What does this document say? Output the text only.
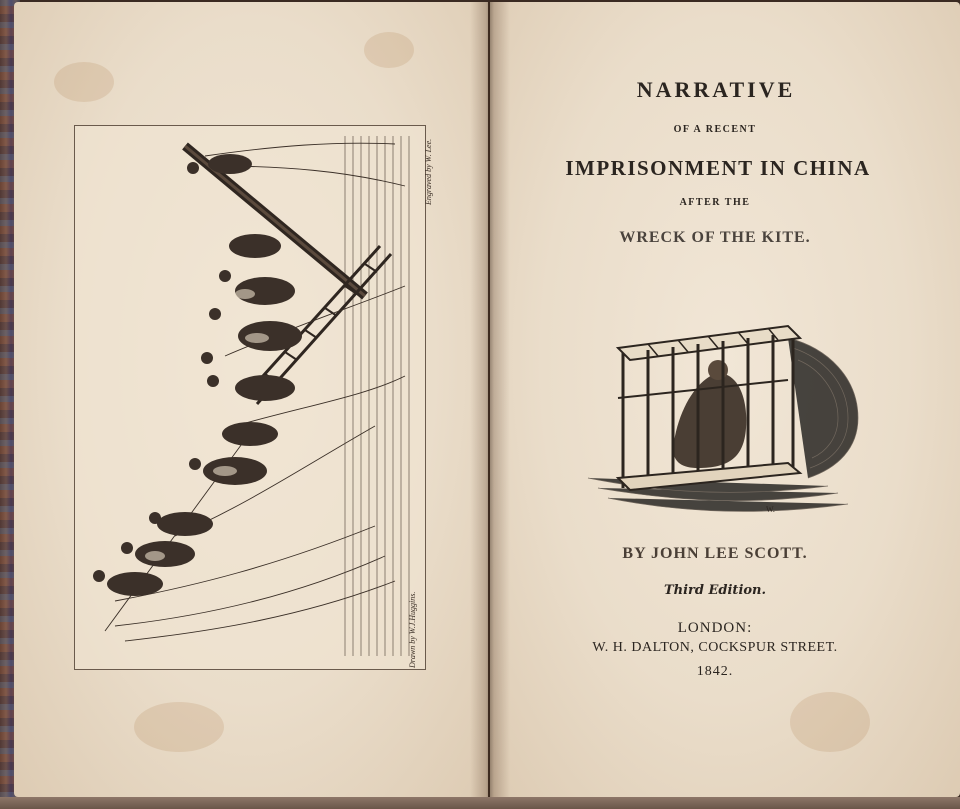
Drawn by W.J.Huggins.
Engraved by W. Lee.
NARRATIVE
OF A RECENT
IMPRISONMENT IN CHINA
AFTER THE
WRECK OF THE KITE.
W.
BY JOHN LEE SCOTT.
Third Edition.
LONDON:
W. H. DALTON, COCKSPUR STREET.
1842.
